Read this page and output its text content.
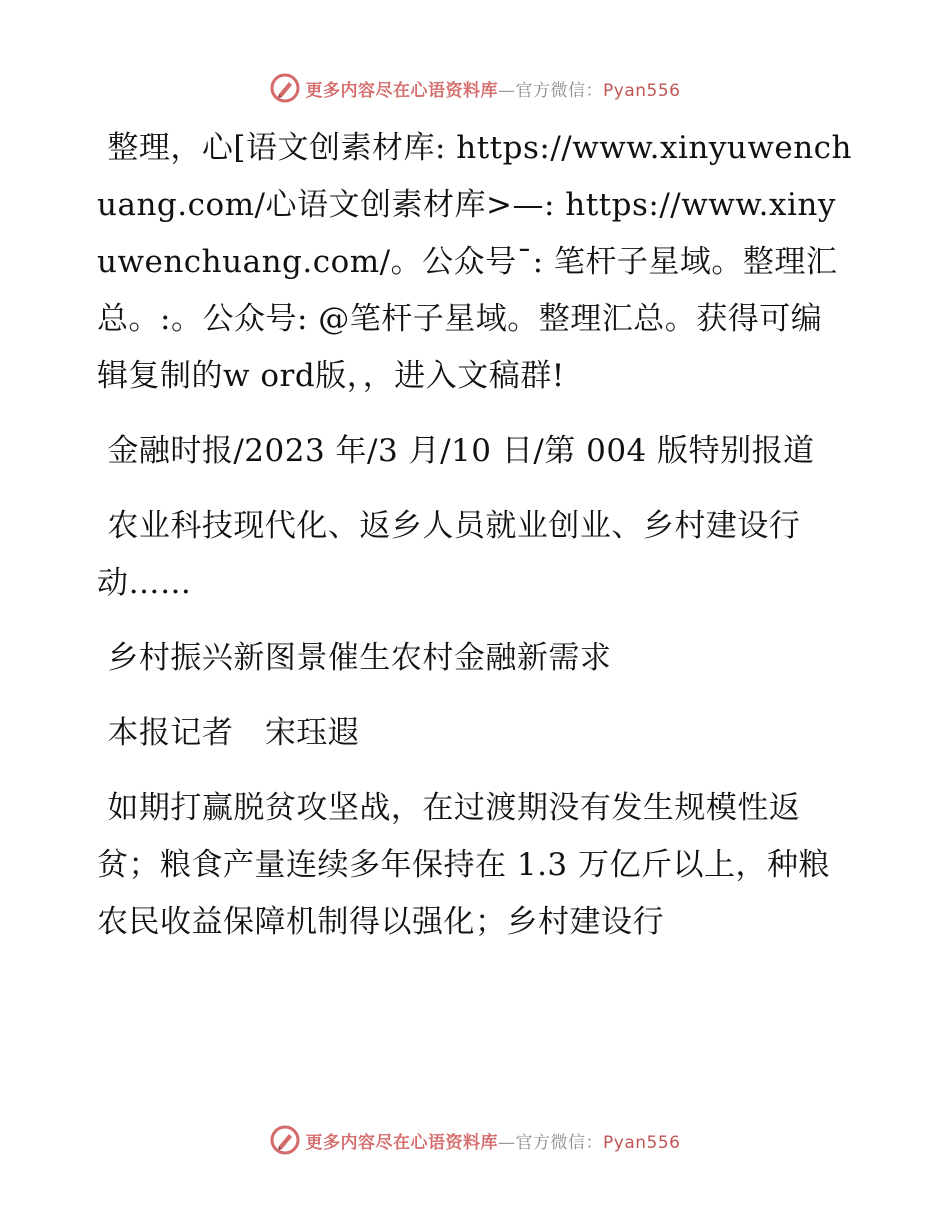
更多内容尽在心语资料库—官方微信：Pyan556

整理，心[语文创素材库: https://www.xinyuwenchuang.com/心语文创素材库>—: https://www.xinyuwenchuang.com/。公众号¯: 笔杆子星域。整理汇总。:。公众号: @笔杆子星域。整理汇总。获得可编辑复制的w ord版，，进入文稿群!

金融时报/2023 年/3 月/10 日/第 004 版特别报道

农业科技现代化、返乡人员就业创业、乡村建设行动……

乡村振兴新图景催生农村金融新需求

本报记者　宋珏遐

如期打赢脱贫攻坚战，在过渡期没有发生规模性返贫；粮食产量连续多年保持在 1.3 万亿斤以上，种粮农民收益保障机制得以强化；乡村建设行

更多内容尽在心语资料库—官方微信：Pyan556
